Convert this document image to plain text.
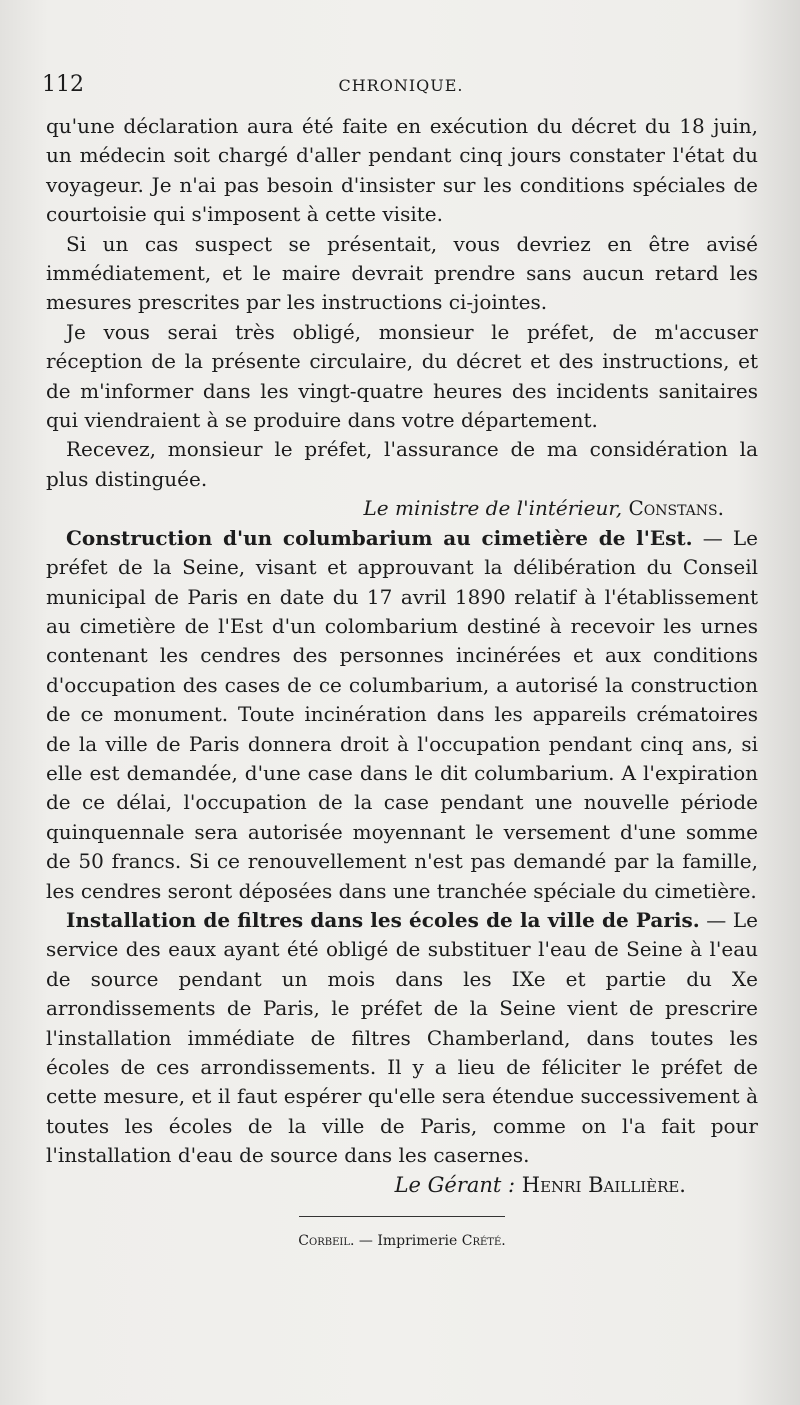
112	CHRONIQUE.

qu'une déclaration aura été faite en exécution du décret du 18 juin, un médecin soit chargé d'aller pendant cinq jours constater l'état du voyageur. Je n'ai pas besoin d'insister sur les conditions spéciales de courtoisie qui s'imposent à cette visite.

Si un cas suspect se présentait, vous devriez en être avisé immédiatement, et le maire devrait prendre sans aucun retard les mesures prescrites par les instructions ci-jointes.

Je vous serai très obligé, monsieur le préfet, de m'accuser réception de la présente circulaire, du décret et des instructions, et de m'informer dans les vingt-quatre heures des incidents sanitaires qui viendraient à se produire dans votre département.

Recevez, monsieur le préfet, l'assurance de ma considération la plus distinguée.

Le ministre de l'intérieur, Constans.

Construction d'un columbarium au cimetière de l'Est. — Le préfet de la Seine, visant et approuvant la délibération du Conseil municipal de Paris en date du 17 avril 1890 relatif à l'établissement au cimetière de l'Est d'un colombarium destiné à recevoir les urnes contenant les cendres des personnes incinérées et aux conditions d'occupation des cases de ce columbarium, a autorisé la construction de ce monument. Toute incinération dans les appareils crématoires de la ville de Paris donnera droit à l'occupation pendant cinq ans, si elle est demandée, d'une case dans le dit columbarium. A l'expiration de ce délai, l'occupation de la case pendant une nouvelle période quinquennale sera autorisée moyennant le versement d'une somme de 50 francs. Si ce renouvellement n'est pas demandé par la famille, les cendres seront déposées dans une tranchée spéciale du cimetière.

Installation de filtres dans les écoles de la ville de Paris. — Le service des eaux ayant été obligé de substituer l'eau de Seine à l'eau de source pendant un mois dans les IXe et partie du Xe arrondissements de Paris, le préfet de la Seine vient de prescrire l'installation immédiate de filtres Chamberland, dans toutes les écoles de ces arrondissements. Il y a lieu de féliciter le préfet de cette mesure, et il faut espérer qu'elle sera étendue successivement à toutes les écoles de la ville de Paris, comme on l'a fait pour l'installation d'eau de source dans les casernes.

Le Gérant : Henri Baillière.

Corbeil. — Imprimerie Crété.
